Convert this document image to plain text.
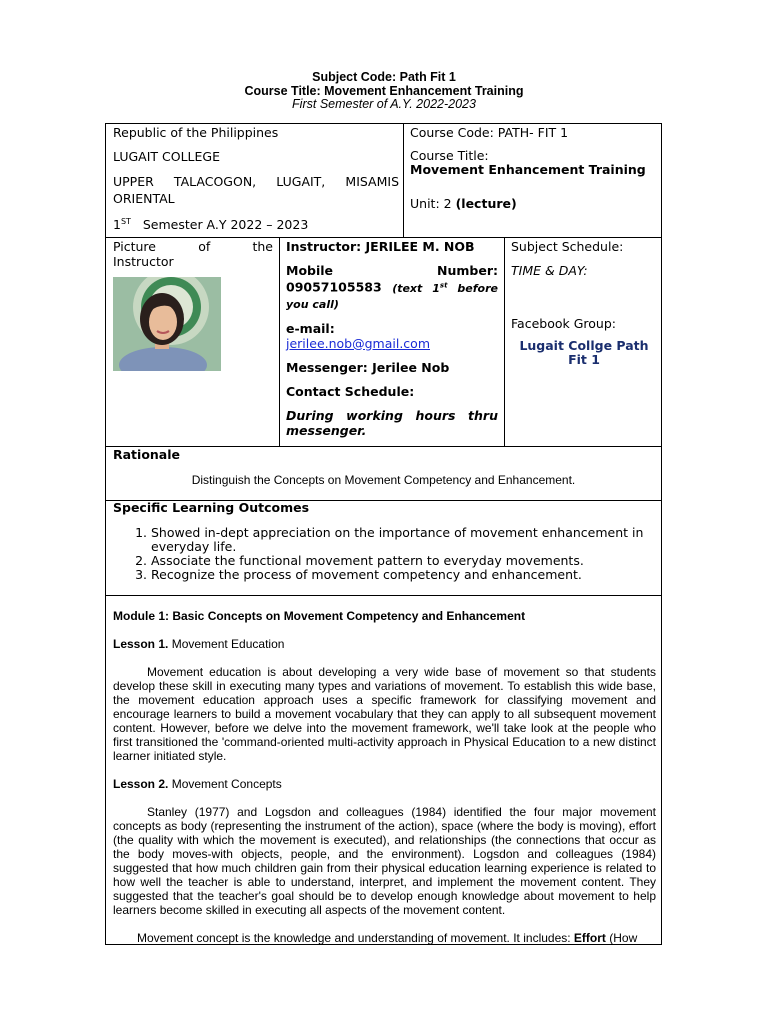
Subject Code: Path Fit 1
Course Title: Movement Enhancement Training
First Semester of A.Y. 2022-2023

Republic of the Philippines

LUGAIT COLLEGE

UPPER TALACOGON, LUGAIT, MISAMIS ORIENTAL

1ST Semester A.Y 2022 – 2023

Course Code: PATH- FIT 1

Course Title:

Movement Enhancement Training

Unit: 2 (lecture)

Picture	of	the
Instructor

Instructor: JERILEE M. NOB

Mobile	Number:

09057105583 (text 1st before you call)

e-mail:

jerilee.nob@gmail.com

Messenger: Jerilee Nob

Contact Schedule:

During working hours thru messenger.

Subject Schedule:

TIME & DAY:

Facebook Group:

Lugait Collge Path Fit 1

Rationale
Distinguish the Concepts on Movement Competency and Enhancement.
Specific Learning Outcomes
1. Showed in-dept appreciation on the importance of movement enhancement in everyday life.
2. Associate the functional movement pattern to everyday movements.
3. Recognize the process of movement competency and enhancement.

Module 1: Basic Concepts on Movement Competency and Enhancement

Lesson 1. Movement Education

Movement education is about developing a very wide base of movement so that students develop these skill in executing many types and variations of movement. To establish this wide base, the movement education approach uses a specific framework for classifying movement and encourage learners to build a movement vocabulary that they can apply to all subsequent movement content. However, before we delve into the movement framework, we'll take look at the people who first transitioned the 'command-oriented multi-activity approach in Physical Education to a new distinct learner initiated style.

Lesson 2. Movement Concepts

Stanley (1977) and Logsdon and colleagues (1984) identified the four major movement concepts as body (representing the instrument of the action), space (where the body is moving), effort (the quality with which the movement is executed), and relationships (the connections that occur as the body moves-with objects, people, and the environment). Logsdon and colleagues (1984) suggested that how much children gain from their physical education learning experience is related to how well the teacher is able to understand, interpret, and implement the movement content. They suggested that the teacher's goal should be to develop enough knowledge about movement to help learners become skilled in executing all aspects of the movement content.

Movement concept is the knowledge and understanding of movement. It includes: Effort (How
